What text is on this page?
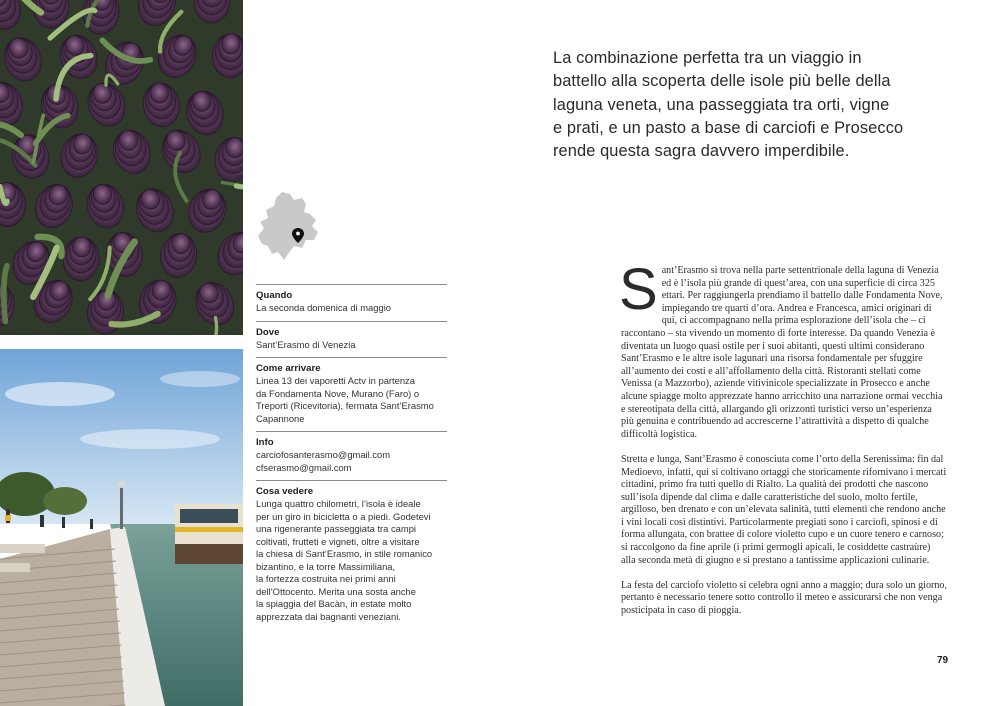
Quando
La seconda domenica di maggio
Dove
Sant’Erasmo di Venezia
Come arrivare
Linea 13 dei vaporetti Actv in partenza
da Fondamenta Nove, Murano (Faro) o
Treporti (Ricevitoria), fermata Sant’Erasmo
Capannone
Info
carciofosanterasmo@gmail.com
cfserasmo@gmail.com
Cosa vedere
Lunga quattro chilometri, l’isola è ideale
per un giro in bicicletta o a piedi. Godetevi
una rigenerante passeggiata tra campi
coltivati, frutteti e vigneti, oltre a visitare
la chiesa di Sant’Erasmo, in stile romanico
bizantino, e la torre Massimiliana,
la fortezza costruita nei primi anni
dell’Ottocento. Merita una sosta anche
la spiaggia del Bacàn, in estate molto
apprezzata dai bagnanti veneziani.
La combinazione perfetta tra un viaggio in
battello alla scoperta delle isole più belle della
laguna veneta, una passeggiata tra orti, vigne
e prati, e un pasto a base di carciofi e Prosecco
rende questa sagra davvero imperdibile.

Sant’Erasmo si trova nella parte settentrionale della laguna di Venezia ed è l’isola più grande di quest’area, con una superficie di circa 325 ettari. Per raggiungerla prendiamo il battello dalle Fondamenta Nove, impiegando tre quarti d’ora. Andrea e Francesca, amici originari di qui, ci accompagnano nella prima esplorazione dell’isola che – ci raccontano – sta vivendo un momento di forte interesse. Da quando Venezia è diventata un luogo quasi ostile per i suoi abitanti, questi ultimi considerano Sant’Erasmo e le altre isole lagunari una risorsa fondamentale per sfuggire all’aumento dei costi e all’affollamento della città. Ristoranti stellati come Venissa (a Mazzorbo), aziende vitivinicole specializzate in Prosecco e anche alcune spiagge molto apprezzate hanno arricchito una narrazione ormai vecchia e stereotipata della città, allargando gli orizzonti turistici verso un’esperienza più genuina e contribuendo ad accrescerne l’attrattività a dispetto di qualche difficoltà logistica.

Stretta e lunga, Sant’Erasmo è conosciuta come l’orto della Serenissima: fin dal Medioevo, infatti, qui si coltivano ortaggi che storicamente rifornivano i mercati cittadini, primo fra tutti quello di Rialto. La qualità dei prodotti che nascono sull’isola dipende dal clima e dalle caratteristiche del suolo, molto fertile, argilloso, ben drenato e con un’elevata salinità, tutti elementi che rendono anche i vini locali così distintivi. Particolarmente pregiati sono i carciofi, spinosi e di forma allungata, con brattee di colore violetto cupo e un cuore tenero e carnoso; si raccolgono da fine aprile (i primi germogli apicali, le cosiddette castraùre) alla seconda metà di giugno e si prestano a tantissime applicazioni culinarie.

La festa del carciofo violetto si celebra ogni anno a maggio; dura solo un giorno, pertanto è necessario tenere sotto controllo il meteo e assicurarsi che non venga posticipata in caso di pioggia.

79
